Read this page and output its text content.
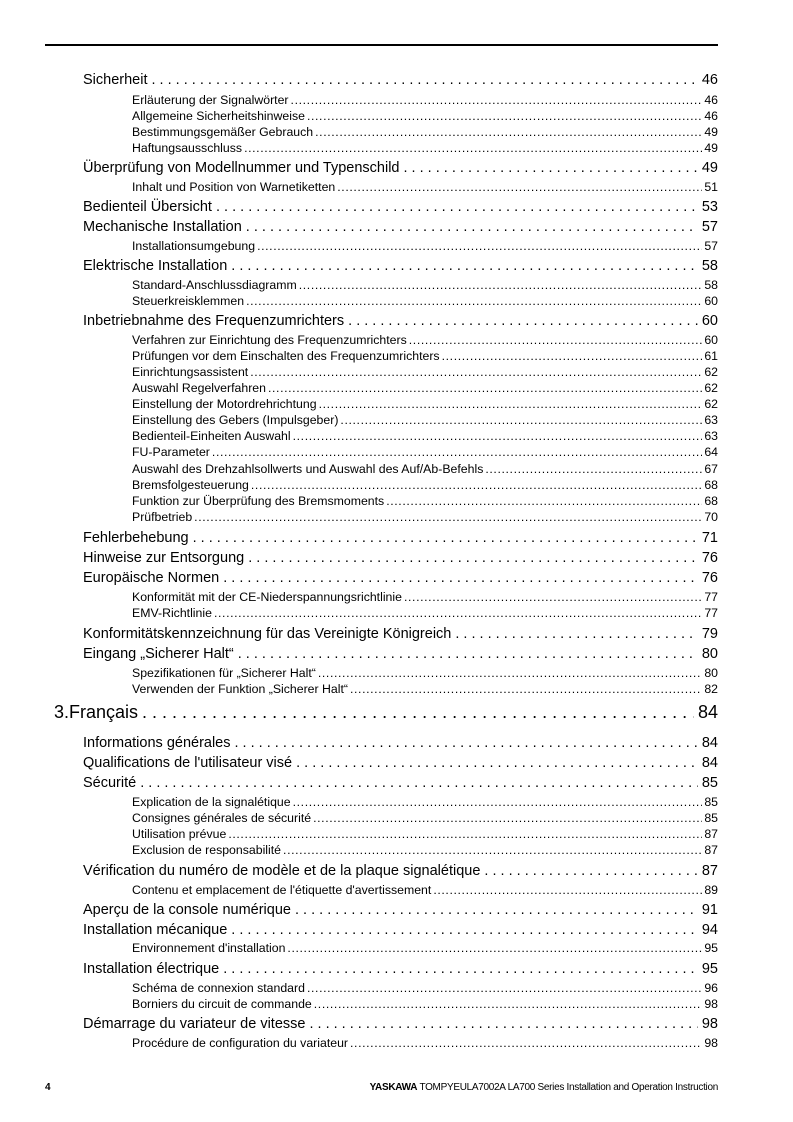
4	YASKAWA TOMPYEULA7002A LA700 Series Installation and Operation Instruction
Sicherheit . . .	46
Erläuterung der Signalwörter . . .	46
Allgemeine Sicherheitshinweise . . .	46
Bestimmungsgemäßer Gebrauch . . .	49
Haftungsausschluss . . .	49
Überprüfung von Modellnummer und Typenschild . . .	49
Inhalt und Position von Warnetiketten . . .	51
Bedienteil Übersicht . . .	53
Mechanische Installation . . .	57
Installationsumgebung . . .	57
Elektrische Installation . . .	58
Standard-Anschlussdiagramm . . .	58
Steuerkreisklemmen . . .	60
Inbetriebnahme des Frequenzumrichters . . .	60
Verfahren zur Einrichtung des Frequenzumrichters . . .	60
Prüfungen vor dem Einschalten des Frequenzumrichters . . .	61
Einrichtungsassistent . . .	62
Auswahl Regelverfahren . . .	62
Einstellung der Motordrehrichtung . . .	62
Einstellung des Gebers (Impulsgeber) . . .	63
Bedienteil-Einheiten Auswahl . . .	63
FU-Parameter . . .	64
Auswahl des Drehzahlsollwerts und Auswahl des Auf/Ab-Befehls . . .	67
Bremsfolgesteuerung . . .	68
Funktion zur Überprüfung des Bremsmoments . . .	68
Prüfbetrieb . . .	70
Fehlerbehebung . . .	71
Hinweise zur Entsorgung . . .	76
Europäische Normen . . .	76
Konformität mit der CE-Niederspannungsrichtlinie . . .	77
EMV-Richtlinie . . .	77
Konformitätskennzeichnung für das Vereinigte Königreich . . .	79
Eingang „Sicherer Halt“ . . .	80
Spezifikationen für „Sicherer Halt“ . . .	80
Verwenden der Funktion „Sicherer Halt“ . . .	82
3. Français . . .	84
Informations générales . . .	84
Qualifications de l'utilisateur visé . . .	84
Sécurité . . .	85
Explication de la signalétique . . .	85
Consignes générales de sécurité . . .	85
Utilisation prévue . . .	87
Exclusion de responsabilité . . .	87
Vérification du numéro de modèle et de la plaque signalétique . . .	87
Contenu et emplacement de l'étiquette d'avertissement . . .	89
Aperçu de la console numérique . . .	91
Installation mécanique . . .	94
Environnement d'installation . . .	95
Installation électrique . . .	95
Schéma de connexion standard . . .	96
Borniers du circuit de commande . . .	98
Démarrage du variateur de vitesse . . .	98
Procédure de configuration du variateur . . .	98
